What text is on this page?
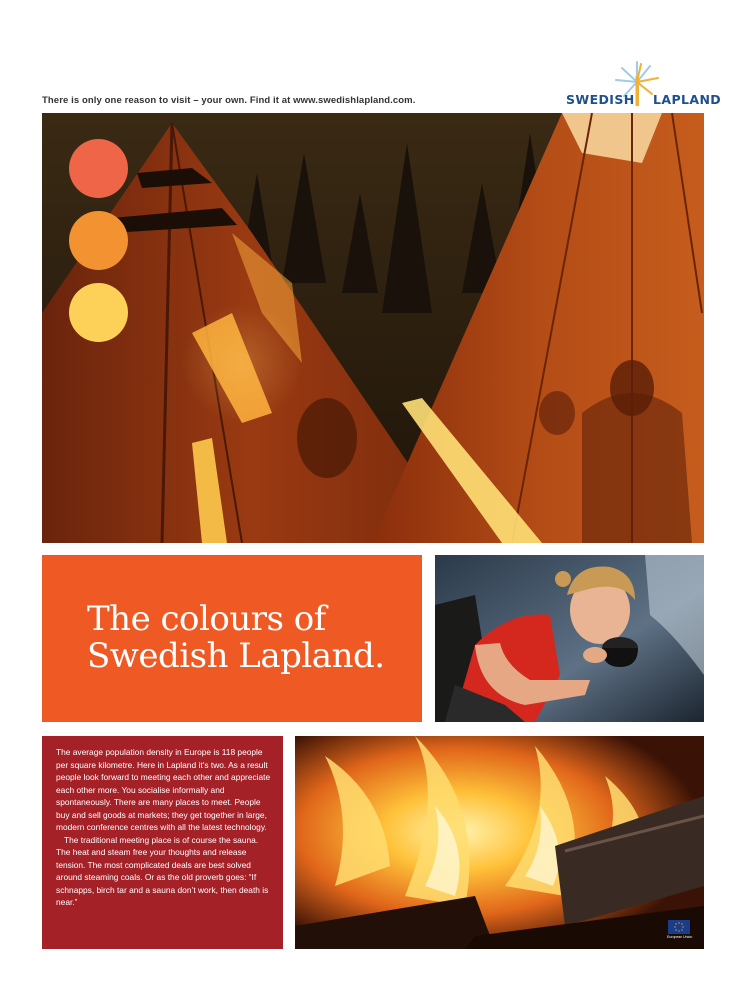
There is only one reason to visit – your own. Find it at www.swedishlapland.com.	SWEDISH LAPLAND
The colours of
Swedish Lapland.

The average population density in Europe is 118 people per square kilometre. Here in Lapland it’s two. As a result people look forward to meeting each other and appreciate each other more. You socialise informally and spontaneously. There are many places to meet. People buy and sell goods at markets; they get together in large, modern conference centres with all the latest technology.

The traditional meeting place is of course the sauna. The heat and steam free your thoughts and release tension. The most complicated deals are best solved around steaming coals. Or as the old proverb goes: “If schnapps, birch tar and a sauna don’t work, then death is near.”

European Union
